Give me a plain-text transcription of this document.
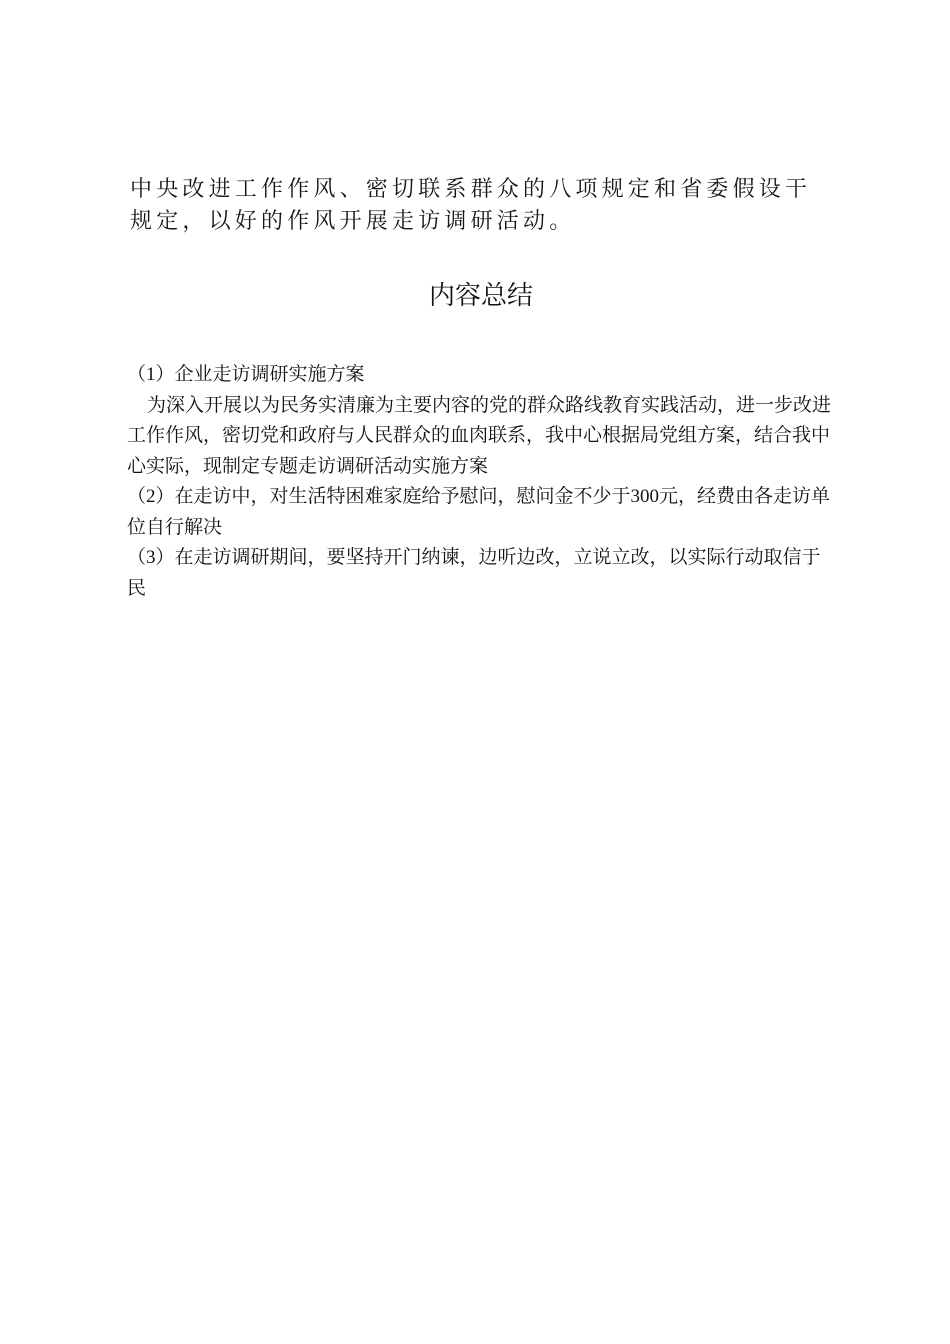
中央改进工作作风、密切联系群众的八项规定和省委假设干规定，以好的作风开展走访调研活动。

内容总结

（1）企业走访调研实施方案

为深入开展以为民务实清廉为主要内容的党的群众路线教育实践活动，进一步改进工作作风，密切党和政府与人民群众的血肉联系，我中心根据局党组方案，结合我中心实际，现制定专题走访调研活动实施方案

（2）在走访中，对生活特困难家庭给予慰问，慰问金不少于300元，经费由各走访单位自行解决

（3）在走访调研期间，要坚持开门纳谏，边听边改，立说立改，以实际行动取信于民
